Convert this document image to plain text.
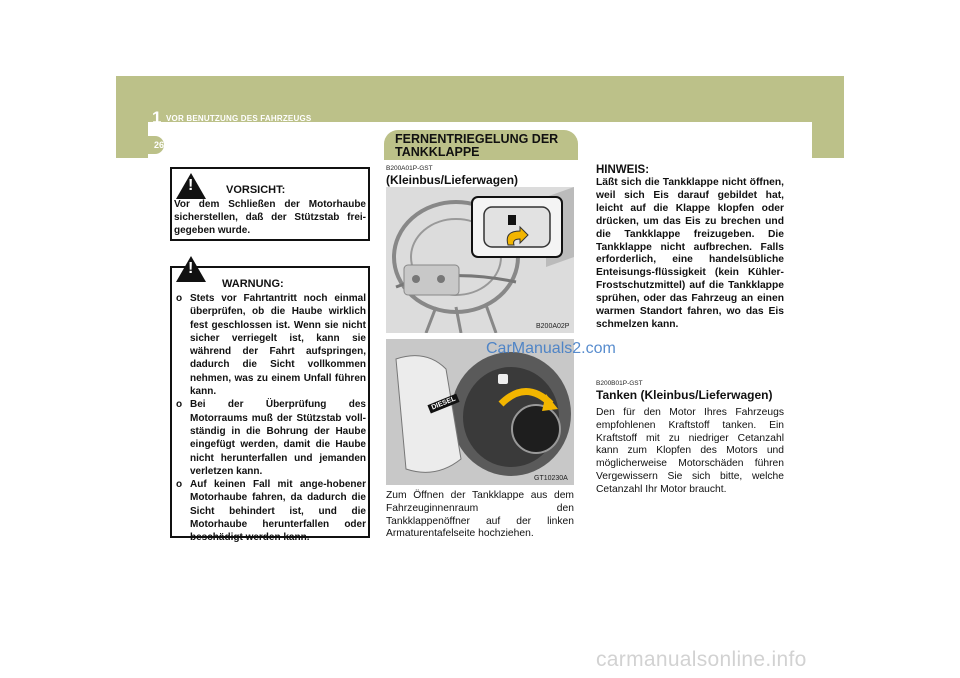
1 VOR BENUTZUNG DES FAHRZEUGS
26	FERNENTRIEGELUNG DER TANKKLAPPE
!	VORSICHT:
Vor dem Schließen der Motorhaube sicherstellen, daß der Stützstab frei- gegeben wurde.
!
WARNUNG:
o Stets vor Fahrtantritt noch einmal überprüfen, ob die Haube wirklich fest geschlossen ist. Wenn sie nicht sicher verriegelt ist, kann sie während der Fahrt aufspringen, dadurch die Sicht vollkommen nehmen, was zu einem Unfall führen kann.
o Bei der Überprüfung des Motorraums muß der Stützstab voll-ständig in die Bohrung der Haube eingefügt werden, damit die Haube nicht herunterfallen und jemanden verletzen kann.
o Auf keinen Fall mit ange-hobener Motorhaube fahren, da dadurch die Sicht behindert ist, und die Motorhaube herunterfallen oder beschädigt werden kann.
B200A01P-GST
(Kleinbus/Lieferwagen)
B200A02P
DIESEL
GT10230A
Zum Öffnen der Tankklappe aus dem Fahrzeuginnenraum den Tankklappenöffner auf der linken Armaturentafelseite hochziehen.
HINWEIS:
Läßt sich die Tankklappe nicht öffnen, weil sich Eis darauf gebildet hat, leicht auf die Klappe klopfen oder drücken, um das Eis zu brechen und die Tankklappe freizugeben. Die Tankklappe nicht aufbrechen. Falls erforderlich, eine handelsübliche Enteisungs-flüssigkeit (kein Kühler-Frostschutzmittel) auf die Tankklappe sprühen, oder das Fahrzeug an einen warmen Standort fahren, wo das Eis schmelzen kann.
B200B01P-GST
Tanken (Kleinbus/Lieferwagen)
Den für den Motor Ihres Fahrzeugs empfohlenen Kraftstoff tanken. Ein Kraftstoff mit zu niedriger Cetanzahl kann zum Klopfen des Motors und möglicherweise Motorschäden führen Vergewissern Sie sich bitte, welche Cetanzahl Ihr Motor braucht.
CarManuals2.com
carmanualsonline.info
